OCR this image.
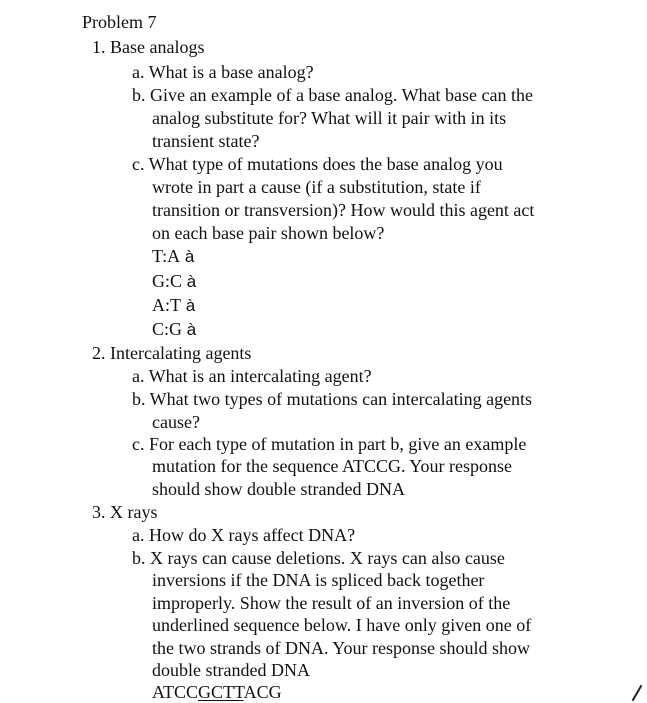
Problem 7
1. Base analogs
a. What is a base analog?
b. Give an example of a base analog. What base can the
analog substitute for? What will it pair with in its
transient state?
c. What type of mutations does the base analog you
wrote in part a cause (if a substitution, state if
transition or transversion)? How would this agent act
on each base pair shown below?
T:A à
G:C à
A:T à
C:G à
2. Intercalating agents
a. What is an intercalating agent?
b. What two types of mutations can intercalating agents
cause?
c. For each type of mutation in part b, give an example
mutation for the sequence ATCCG. Your response
should show double stranded DNA
3. X rays
a. How do X rays affect DNA?
b. X rays can cause deletions. X rays can also cause
inversions if the DNA is spliced back together
improperly. Show the result of an inversion of the
underlined sequence below. I have only given one of
the two strands of DNA. Your response should show
double stranded DNA
ATCCGCTTACG
